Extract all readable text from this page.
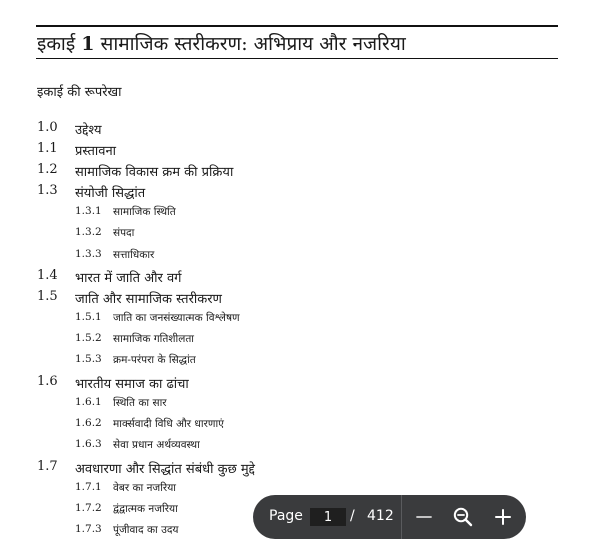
इकाई 1 सामाजिक स्तरीकरण: अभिप्राय और नजरिया
इकाई की रूपरेखा
1.0 उद्देश्य
1.1 प्रस्तावना
1.2 सामाजिक विकास क्रम की प्रक्रिया
1.3 संयोजी सिद्धांत
1.3.1 सामाजिक स्थिति
1.3.2 संपदा
1.3.3 सत्ताधिकार
1.4 भारत में जाति और वर्ग
1.5 जाति और सामाजिक स्तरीकरण
1.5.1 जाति का जनसंख्यात्मक विश्लेषण
1.5.2 सामाजिक गतिशीलता
1.5.3 क्रम-परंपरा के सिद्धांत
1.6 भारतीय समाज का ढांचा
1.6.1 स्थिति का सार
1.6.2 मार्क्सवादी विधि और धारणाएं
1.6.3 सेवा प्रधान अर्थव्यवस्था
1.7 अवधारणा और सिद्धांत संबंधी कुछ मुद्दे
1.7.1 वेबर का नजरिया
1.7.2 द्वंद्वात्मक नजरिया
1.7.3 पूंजीवाद का उदय
Page
1	/ 412
